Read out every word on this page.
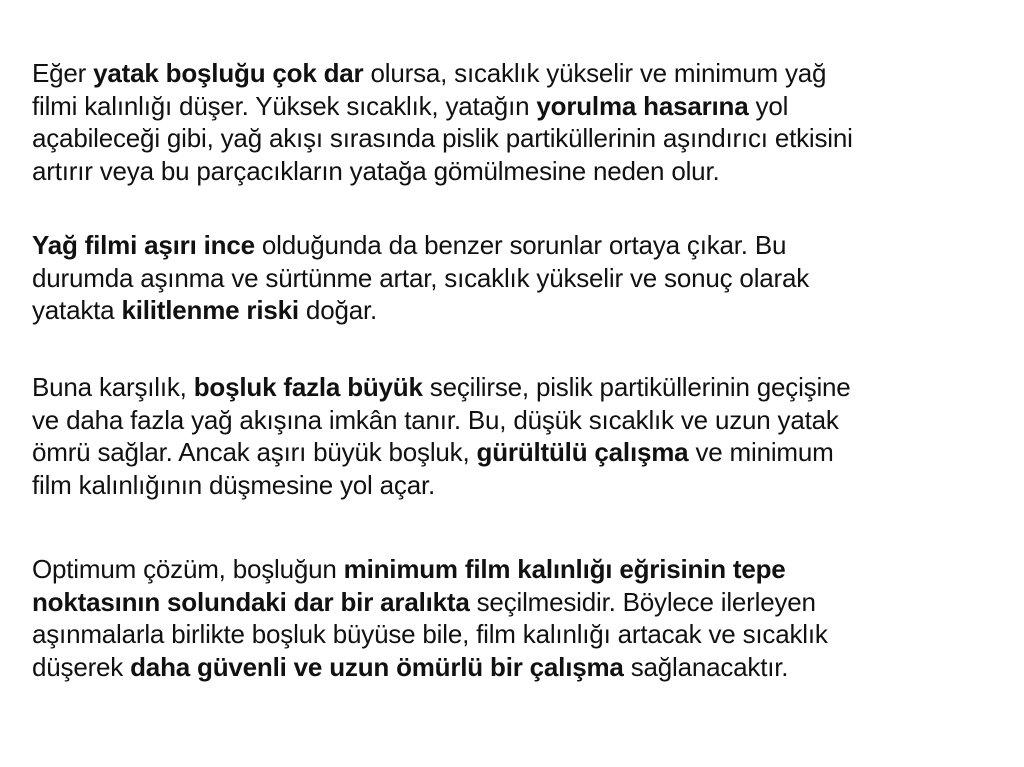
Eğer yatak boşluğu çok dar olursa, sıcaklık yükselir ve minimum yağ
filmi kalınlığı düşer. Yüksek sıcaklık, yatağın yorulma hasarına yol
açabileceği gibi, yağ akışı sırasında pislik partiküllerinin aşındırıcı etkisini
artırır veya bu parçacıkların yatağa gömülmesine neden olur.

Yağ filmi aşırı ince olduğunda da benzer sorunlar ortaya çıkar. Bu
durumda aşınma ve sürtünme artar, sıcaklık yükselir ve sonuç olarak
yatakta kilitlenme riski doğar.

Buna karşılık, boşluk fazla büyük seçilirse, pislik partiküllerinin geçişine
ve daha fazla yağ akışına imkân tanır. Bu, düşük sıcaklık ve uzun yatak
ömrü sağlar. Ancak aşırı büyük boşluk, gürültülü çalışma ve minimum
film kalınlığının düşmesine yol açar.

Optimum çözüm, boşluğun minimum film kalınlığı eğrisinin tepe
noktasının solundaki dar bir aralıkta seçilmesidir. Böylece ilerleyen
aşınmalarla birlikte boşluk büyüse bile, film kalınlığı artacak ve sıcaklık
düşerek daha güvenli ve uzun ömürlü bir çalışma sağlanacaktır.
